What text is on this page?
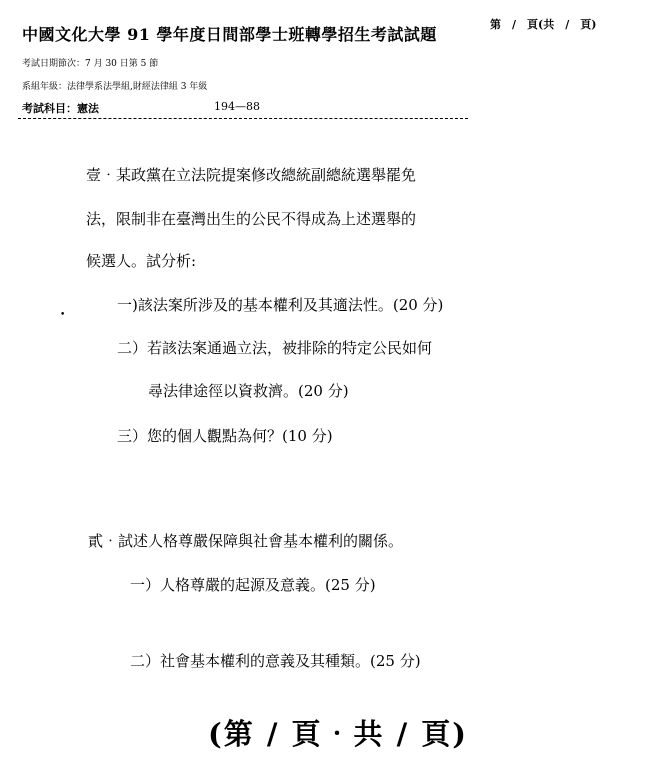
中國文化大學 91 學年度日間部學士班轉學招生考試試題
第　/　頁(共　/　頁)
考試日期節次：7 月 30 日第 5 節
系組年級：法律學系法學組,財經法律組 3 年級
考試科目：憲法	194—88
壹‧某政黨在立法院提案修改總統副總統選舉罷免
法，限制非在臺灣出生的公民不得成為上述選舉的
候選人。試分析:
一)該法案所涉及的基本權利及其適法性。(20 分)
二）若該法案通過立法，被排除的特定公民如何
尋法律途徑以資救濟。(20 分)
三）您的個人觀點為何？(10 分)
•
貳‧試述人格尊嚴保障與社會基本權利的關係。
一）人格尊嚴的起源及意義。(25 分)
二）社會基本權利的意義及其種類。(25 分)
(第 / 頁‧共 / 頁)
